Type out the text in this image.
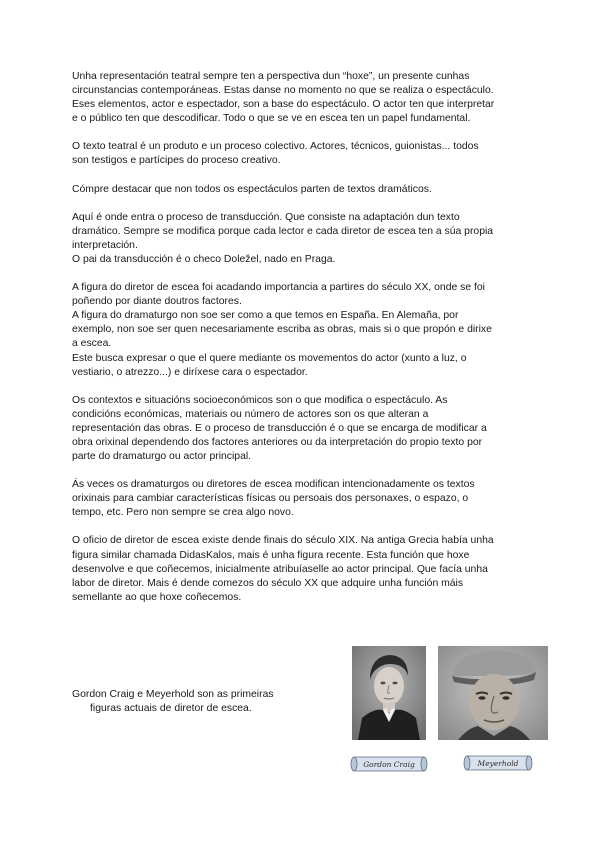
Unha representación teatral sempre ten a perspectiva dun “hoxe”, un presente cunhas
circunstancias contemporáneas. Estas danse no momento no que se realiza o espectáculo.
Eses elementos, actor e espectador, son a base do espectáculo. O actor ten que interpretar
e o público ten que descodificar. Todo o que se ve en escea ten un papel fundamental.

O texto teatral é un produto e un proceso colectivo. Actores, técnicos, guionistas... todos
son testigos e partícipes do proceso creativo.

Cómpre destacar que non todos os espectáculos parten de textos dramáticos.

Aquí é onde entra o proceso de transducción. Que consiste na adaptación dun texto
dramático. Sempre se modifica porque cada lector e cada diretor de escea ten a súa propia
interpretación.
O pai da transducción é o checo Doležel, nado en Praga.

A figura do diretor de escea foi acadando importancia a partires do século XX, onde se foi
poñendo por diante doutros factores.
A figura do dramaturgo non soe ser como a que temos en España. En Alemaña, por
exemplo, non soe ser quen necesariamente escriba as obras, mais si o que propón e dirixe
a escea.
Este busca expresar o que el quere mediante os movementos do actor (xunto a luz, o
vestiario, o atrezzo...) e diríxese cara o espectador.

Os contextos e situacións socioeconómicos son o que modifica o espectáculo. As
condicións económicas, materiais ou número de actores son os que alteran a
representación das obras. E o proceso de transducción é o que se encarga de modificar a
obra orixinal dependendo dos factores anteriores ou da interpretación do propio texto por
parte do dramaturgo ou actor principal.

Ás veces os dramaturgos ou diretores de escea modifican intencionadamente os textos
orixinais para cambiar características físicas ou persoais dos personaxes, o espazo, o
tempo, etc. Pero non sempre se crea algo novo.

O oficio de diretor de escea existe dende finais do século XIX. Na antiga Grecia había unha
figura similar chamada DidasKalos, mais é unha figura recente. Esta función que hoxe
desenvolve e que coñecemos, inicialmente atribuíaselle ao actor principal. Que facía unha
labor de diretor. Mais é dende comezos do século XX que adquire unha función máis
semellante ao que hoxe coñecemos.

Gordon Craig e Meyerhold son as primeiras
figuras actuais de diretor de escea.
Gordon Craig	Meyerhold
